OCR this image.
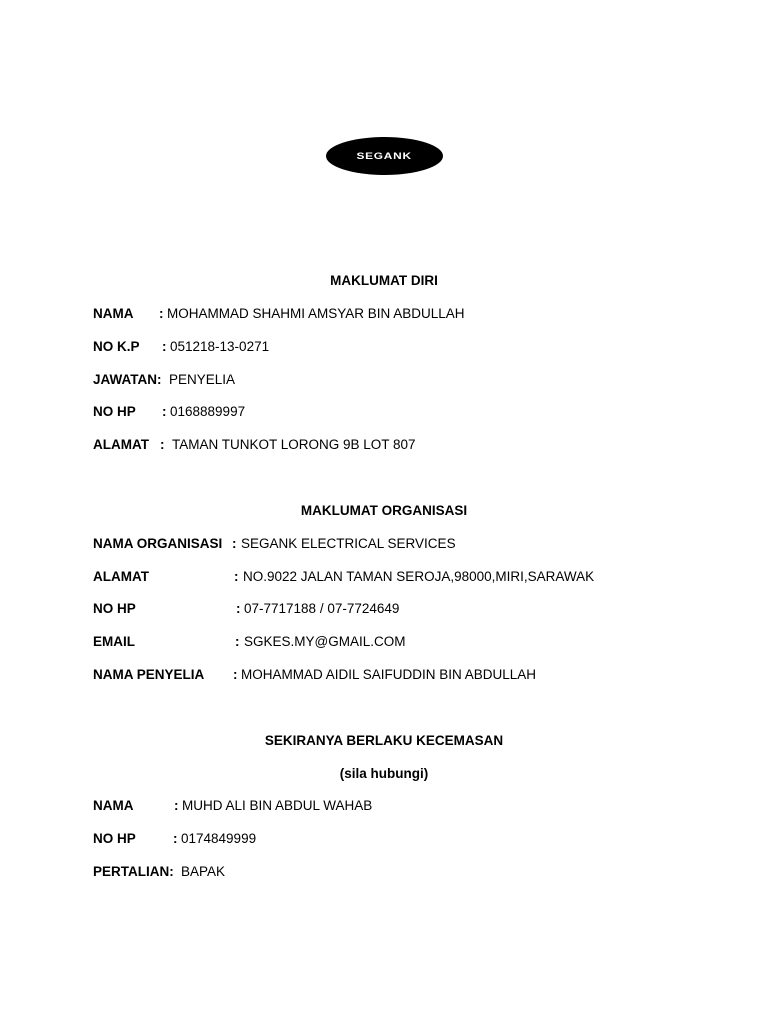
SEGANK
MAKLUMAT DIRI
NAMA : MOHAMMAD SHAHMI AMSYAR BIN ABDULLAH
NO K.P : 051218-13-0271
JAWATAN: PENYELIA
NO HP : 0168889997
ALAMAT : TAMAN TUNKOT LORONG 9B LOT 807
MAKLUMAT ORGANISASI
NAMA ORGANISASI : SEGANK ELECTRICAL SERVICES
ALAMAT	: NO.9022 JALAN TAMAN SEROJA,98000,MIRI,SARAWAK
NO HP	: 07-7717188 / 07-7724649
EMAIL	: SGKES.MY@GMAIL.COM
NAMA PENYELIA : MOHAMMAD AIDIL SAIFUDDIN BIN ABDULLAH
SEKIRANYA BERLAKU KECEMASAN
(sila hubungi)
NAMA	: MUHD ALI BIN ABDUL WAHAB
NO HP	: 0174849999
PERTALIAN: BAPAK
